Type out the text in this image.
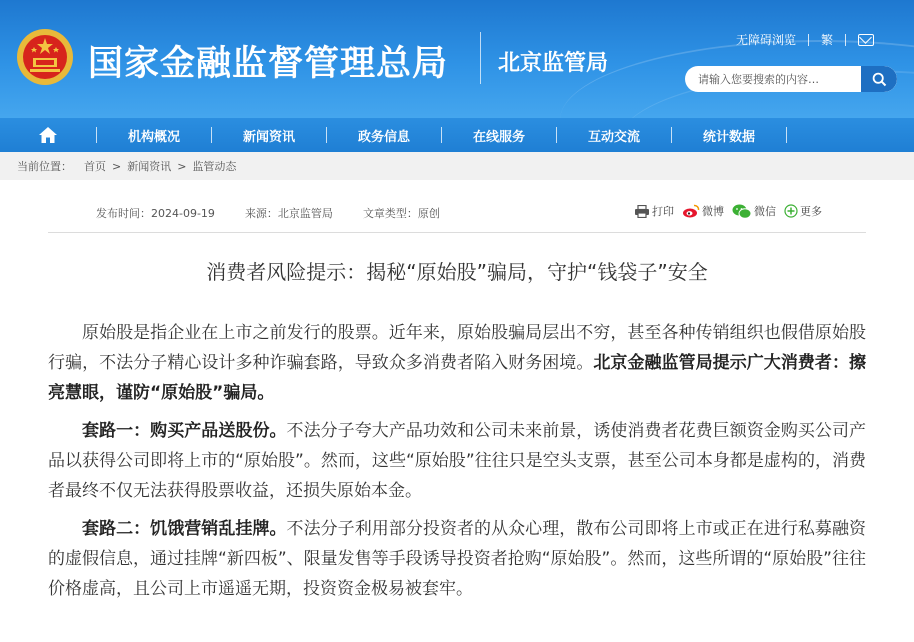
国家金融监督管理总局 北京监管局
无障碍浏览 繁
请输入您要搜索的内容…
机构概况	新闻资讯	政务信息	在线服务	互动交流	统计数据
当前位置： 首页 > 新闻资讯 > 监管动态
发布时间：2024-09-19	来源：北京监管局	文章类型：原创	打印	微博	微信 更多
消费者风险提示：揭秘“原始股”骗局，守护“钱袋子”安全

原始股是指企业在上市之前发行的股票。近年来，原始股骗局层出不穷，甚至各种传销组织也假借原始股行骗，不法分子精心设计多种诈骗套路，导致众多消费者陷入财务困境。北京金融监管局提示广大消费者：擦亮慧眼，谨防“原始股”骗局。

套路一：购买产品送股份。不法分子夸大产品功效和公司未来前景，诱使消费者花费巨额资金购买公司产品以获得公司即将上市的“原始股”。然而，这些“原始股”往往只是空头支票，甚至公司本身都是虚构的，消费者最终不仅无法获得股票收益，还损失原始本金。

套路二：饥饿营销乱挂牌。不法分子利用部分投资者的从众心理，散布公司即将上市或正在进行私募融资的虚假信息，通过挂牌“新四板”、限量发售等手段诱导投资者抢购“原始股”。然而，这些所谓的“原始股”往往价格虚高，且公司上市遥遥无期，投资资金极易被套牢。
